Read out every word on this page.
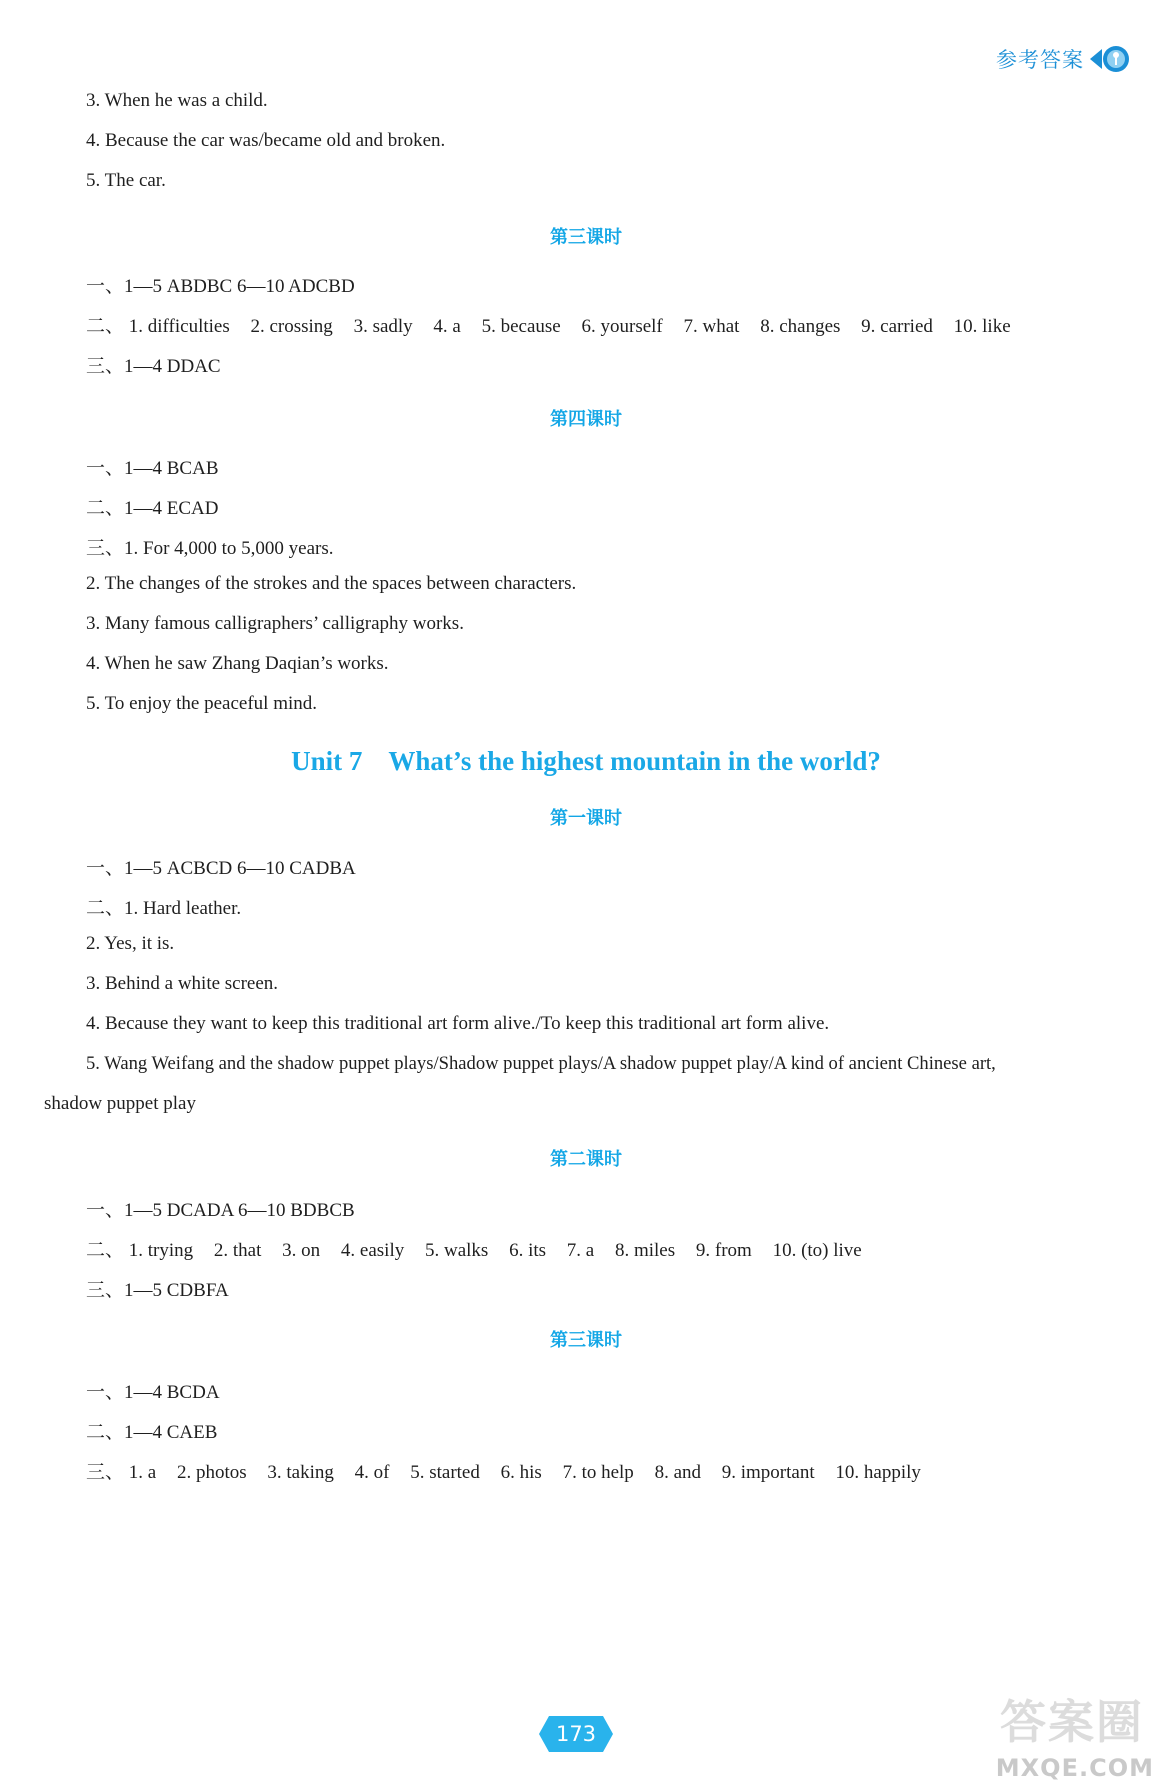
参考答案
3. When he was a child.
4. Because the car was/became old and broken.
5. The car.
第三课时
一、1—5 ABDBC 6—10 ADCBD
二、 1. difficulties 2. crossing 3. sadly 4. a 5. because 6. yourself 7. what 8. changes 9. carried 10. like
三、1—4 DDAC
第四课时
一、1—4 BCAB
二、1—4 ECAD
三、1. For 4,000 to 5,000 years.
2. The changes of the strokes and the spaces between characters.
3. Many famous calligraphers’ calligraphy works.
4. When he saw Zhang Daqian’s works.
5. To enjoy the peaceful mind.
Unit 7 What’s the highest mountain in the world?
第一课时
一、1—5 ACBCD 6—10 CADBA
二、1. Hard leather.
2. Yes, it is.
3. Behind a white screen.
4. Because they want to keep this traditional art form alive./To keep this traditional art form alive.
5. Wang Weifang and the shadow puppet plays/Shadow puppet plays/A shadow puppet play/A kind of ancient Chinese art,
shadow puppet play
第二课时
一、1—5 DCADA 6—10 BDBCB
二、 1. trying 2. that 3. on 4. easily 5. walks 6. its 7. a 8. miles 9. from 10. (to) live
三、1—5 CDBFA
第三课时
一、1—4 BCDA
二、1—4 CAEB
三、 1. a 2. photos 3. taking 4. of 5. started 6. his 7. to help 8. and 9. important 10. happily
173	答案圈
MXQE.COM
